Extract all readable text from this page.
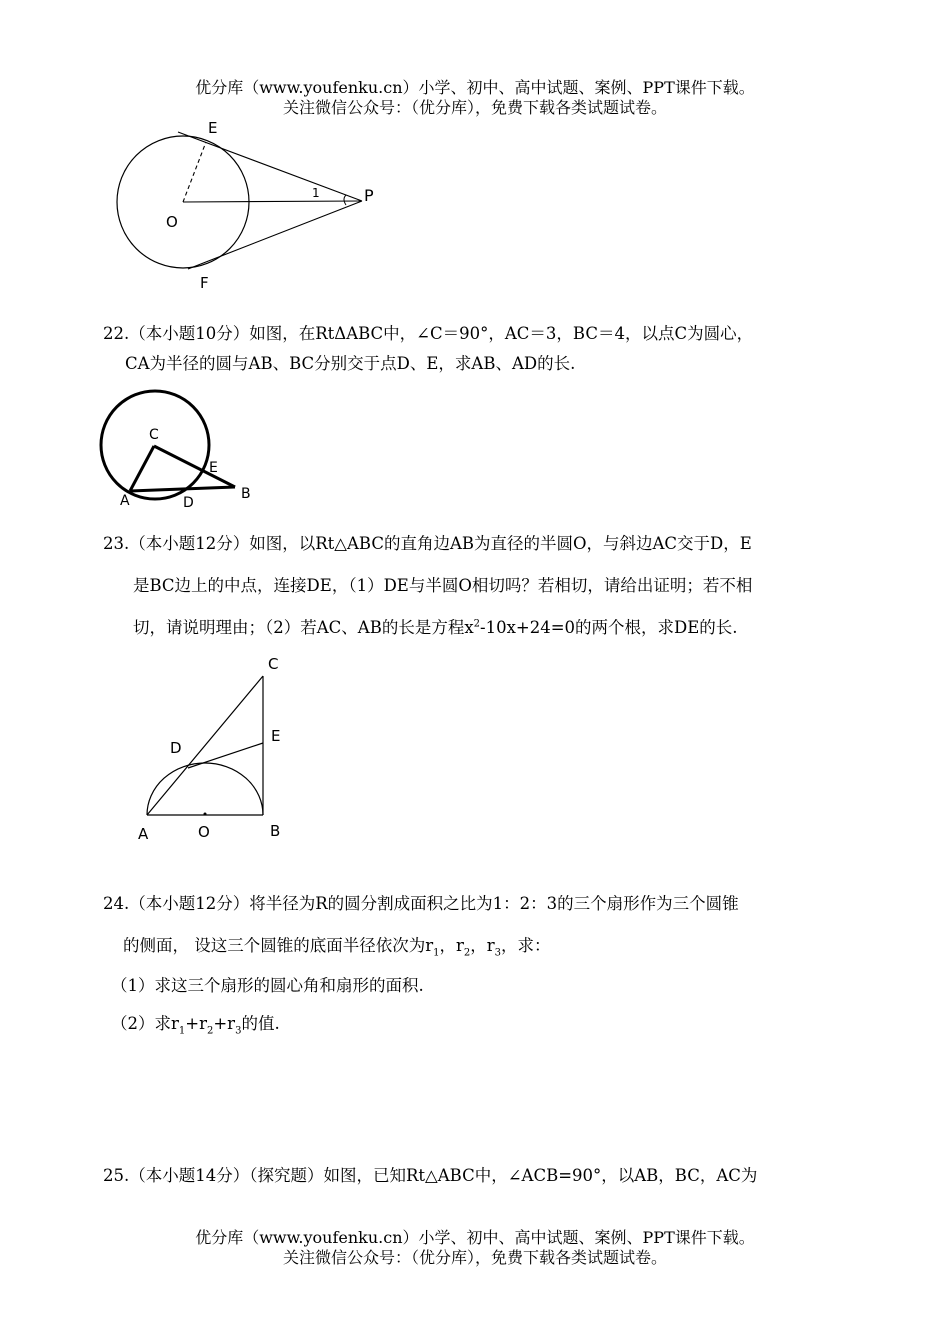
优分库（www.youfenku.cn）小学、初中、高中试题、案例、PPT课件下载。
关注微信公众号：（优分库），免费下载各类试题试卷。
E
O
P
F
1
22.（本小题10分）如图，在RtΔABC中，∠C＝90°，AC＝3，BC＝4，以点C为圆心，
CA为半径的圆与AB、BC分别交于点D、E，求AB、AD的长.
C
E
A	D
B
23.（本小题12分）如图，以Rt△ABC的直角边AB为直径的半圆O，与斜边AC交于D，E
是BC边上的中点，连接DE，（1）DE与半圆O相切吗？若相切，请给出证明；若不相
切，请说明理由；（2）若AC、AB的长是方程$x^2-10x+24=0$的两个根，求DE的长.
C
E
D
A	O	B
24.（本小题12分）将半径为R的圆分割成面积之比为1：2：3的三个扇形作为三个圆锥
的侧面， 设这三个圆锥的底面半径依次为$r_1$，$r_2$，$r_3$，求：
（1）求这三个扇形的圆心角和扇形的面积.
（2）求$r_1+r_2+r_3$的值.
25.（本小题14分）（探究题）如图，已知Rt△ABC中，∠ACB=90°，以AB，BC，AC为
优分库（www.youfenku.cn）小学、初中、高中试题、案例、PPT课件下载。
关注微信公众号：（优分库），免费下载各类试题试卷。
